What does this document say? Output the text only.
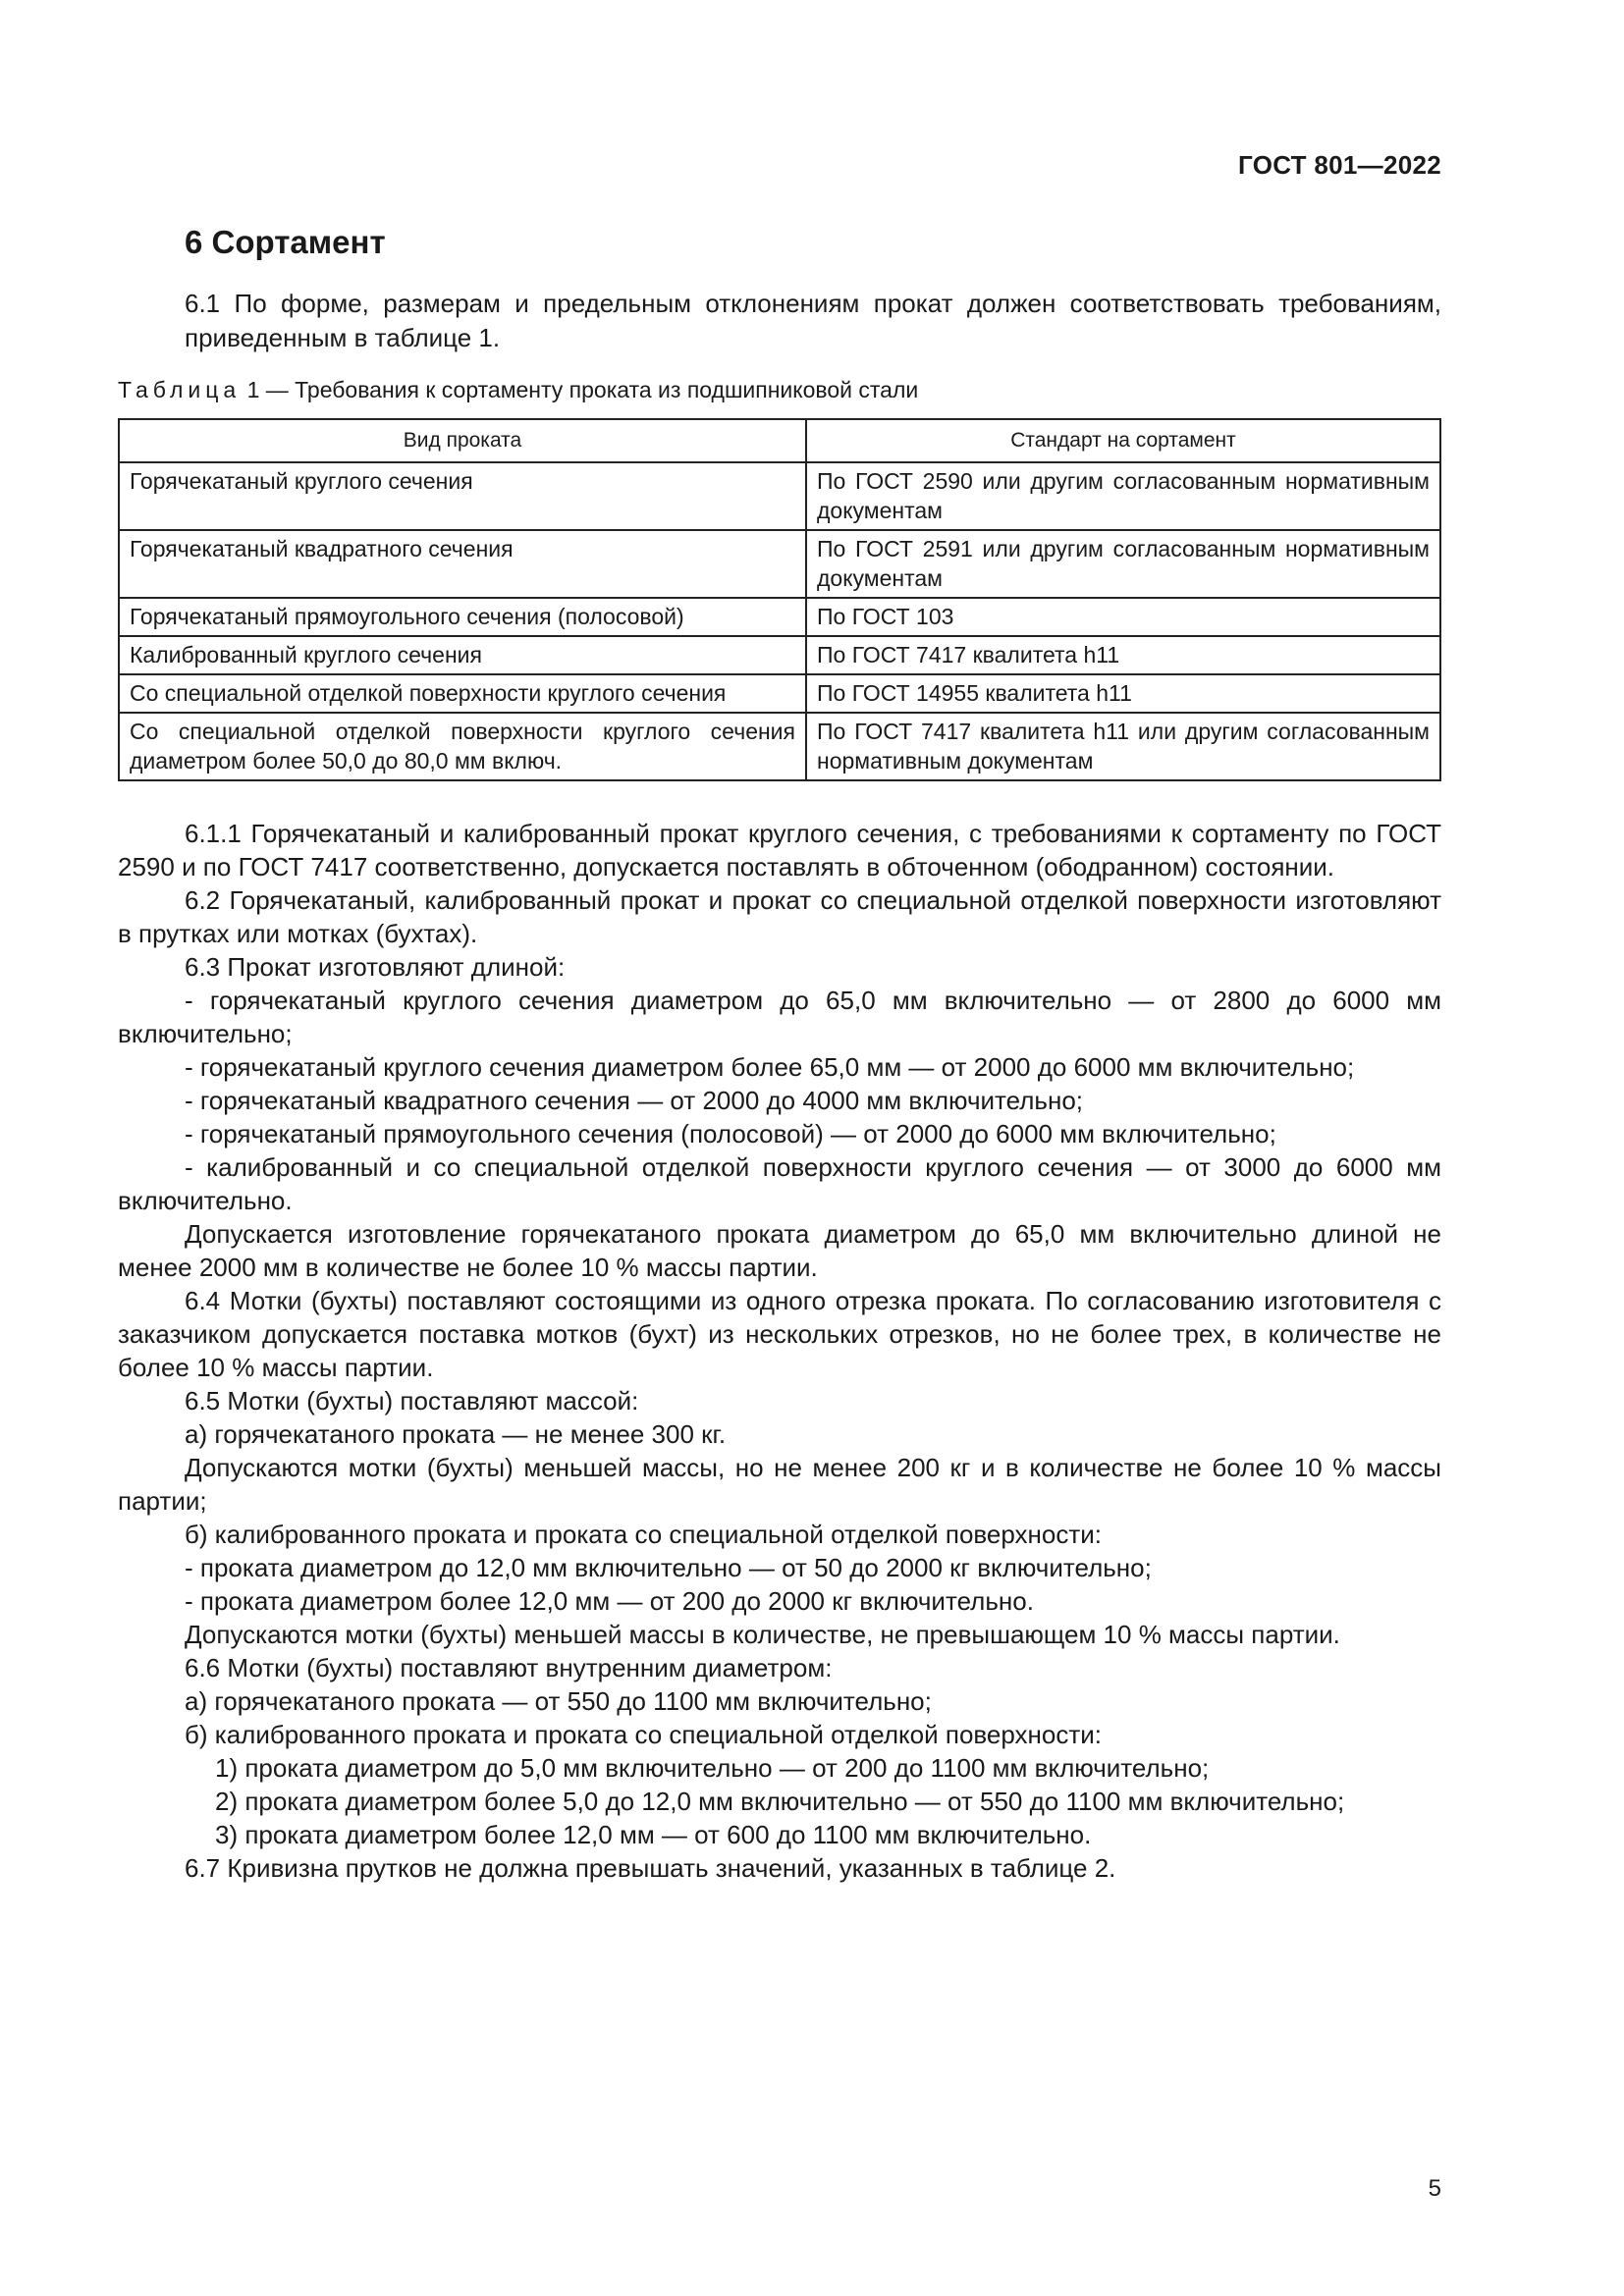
ГОСТ 801—2022
6 Сортамент
6.1 По форме, размерам и предельным отклонениям прокат должен соответствовать требованиям, приведенным в таблице 1.
Таблица 1 — Требования к сортаменту проката из подшипниковой стали
Вид проката	Стандарт на сортамент
Горячекатаный круглого сечения	По ГОСТ 2590 или другим согласованным нормативным документам
Горячекатаный квадратного сечения	По ГОСТ 2591 или другим согласованным нормативным документам
Горячекатаный прямоугольного сечения (полосовой)	По ГОСТ 103
Калиброванный круглого сечения	По ГОСТ 7417 квалитета h11
Со специальной отделкой поверхности круглого сечения	По ГОСТ 14955 квалитета h11
Со специальной отделкой поверхности круглого сечения диаметром более 50,0 до 80,0 мм включ.	По ГОСТ 7417 квалитета h11 или другим согласованным нормативным документам

6.1.1 Горячекатаный и калиброванный прокат круглого сечения, с требованиями к сортаменту по ГОСТ 2590 и по ГОСТ 7417 соответственно, допускается поставлять в обточенном (ободранном) состоянии.

6.2 Горячекатаный, калиброванный прокат и прокат со специальной отделкой поверхности изготовляют в прутках или мотках (бухтах).

6.3 Прокат изготовляют длиной:

- горячекатаный круглого сечения диаметром до 65,0 мм включительно — от 2800 до 6000 мм включительно;

- горячекатаный круглого сечения диаметром более 65,0 мм — от 2000 до 6000 мм включительно;

- горячекатаный квадратного сечения — от 2000 до 4000 мм включительно;

- горячекатаный прямоугольного сечения (полосовой) — от 2000 до 6000 мм включительно;

- калиброванный и со специальной отделкой поверхности круглого сечения — от 3000 до 6000 мм включительно.

Допускается изготовление горячекатаного проката диаметром до 65,0 мм включительно длиной не менее 2000 мм в количестве не более 10 % массы партии.

6.4 Мотки (бухты) поставляют состоящими из одного отрезка проката. По согласованию изготовителя с заказчиком допускается поставка мотков (бухт) из нескольких отрезков, но не более трех, в количестве не более 10 % массы партии.

6.5 Мотки (бухты) поставляют массой:

а) горячекатаного проката — не менее 300 кг.

Допускаются мотки (бухты) меньшей массы, но не менее 200 кг и в количестве не более 10 % массы партии;

б) калиброванного проката и проката со специальной отделкой поверхности:

- проката диаметром до 12,0 мм включительно — от 50 до 2000 кг включительно;

- проката диаметром более 12,0 мм — от 200 до 2000 кг включительно.

Допускаются мотки (бухты) меньшей массы в количестве, не превышающем 10 % массы партии.

6.6 Мотки (бухты) поставляют внутренним диаметром:

а) горячекатаного проката — от 550 до 1100 мм включительно;

б) калиброванного проката и проката со специальной отделкой поверхности:

1) проката диаметром до 5,0 мм включительно — от 200 до 1100 мм включительно;

2) проката диаметром более 5,0 до 12,0 мм включительно — от 550 до 1100 мм включительно;

3) проката диаметром более 12,0 мм — от 600 до 1100 мм включительно.

6.7 Кривизна прутков не должна превышать значений, указанных в таблице 2.

5
